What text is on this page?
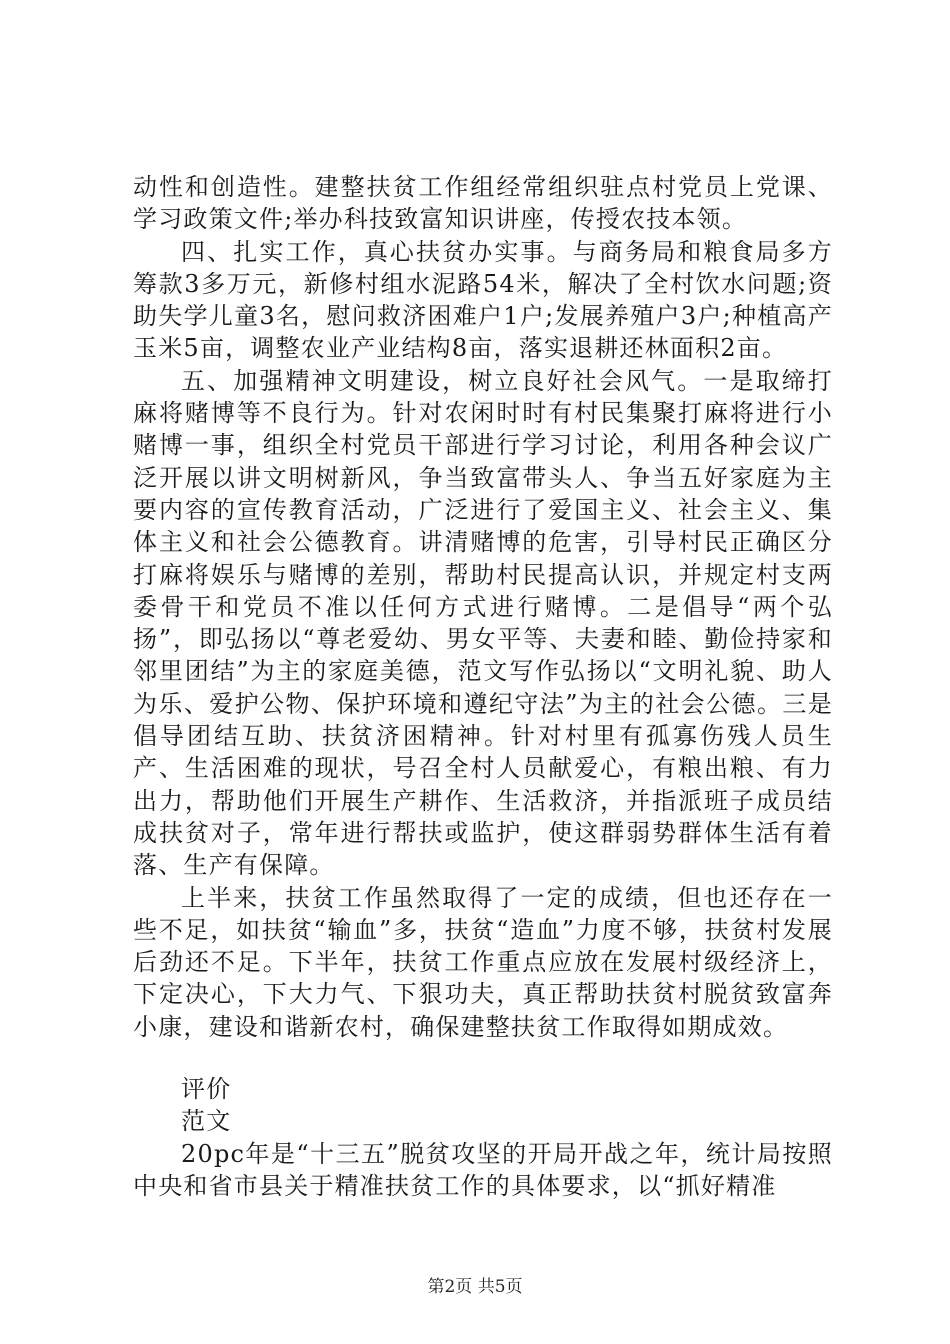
动性和创造性。建整扶贫工作组经常组织驻点村党员上党课、学习政策文件;举办科技致富知识讲座，传授农技本领。

四、扎实工作，真心扶贫办实事。与商务局和粮食局多方筹款3多万元，新修村组水泥路54米，解决了全村饮水问题;资助失学儿童3名，慰问救济困难户1户;发展养殖户3户;种植高产玉米5亩，调整农业产业结构8亩，落实退耕还林面积2亩。

五、加强精神文明建设，树立良好社会风气。一是取缔打麻将赌博等不良行为。针对农闲时时有村民集聚打麻将进行小赌博一事，组织全村党员干部进行学习讨论，利用各种会议广泛开展以讲文明树新风，争当致富带头人、争当五好家庭为主要内容的宣传教育活动，广泛进行了爱国主义、社会主义、集体主义和社会公德教育。讲清赌博的危害，引导村民正确区分打麻将娱乐与赌博的差别，帮助村民提高认识，并规定村支两委骨干和党员不准以任何方式进行赌博。二是倡导“两个弘扬”，即弘扬以“尊老爱幼、男女平等、夫妻和睦、勤俭持家和邻里团结”为主的家庭美德，范文写作弘扬以“文明礼貌、助人为乐、爱护公物、保护环境和遵纪守法”为主的社会公德。三是倡导团结互助、扶贫济困精神。针对村里有孤寡伤残人员生产、生活困难的现状，号召全村人员献爱心，有粮出粮、有力出力，帮助他们开展生产耕作、生活救济，并指派班子成员结成扶贫对子，常年进行帮扶或监护，使这群弱势群体生活有着落、生产有保障。

上半来，扶贫工作虽然取得了一定的成绩，但也还存在一些不足，如扶贫“输血”多，扶贫“造血”力度不够，扶贫村发展后劲还不足。下半年，扶贫工作重点应放在发展村级经济上，下定决心，下大力气、下狠功夫，真正帮助扶贫村脱贫致富奔小康，建设和谐新农村，确保建整扶贫工作取得如期成效。

评价

范文

20pc年是“十三五”脱贫攻坚的开局开战之年，统计局按照中央和省市县关于精准扶贫工作的具体要求，以“抓好精准

第2页 共5页
